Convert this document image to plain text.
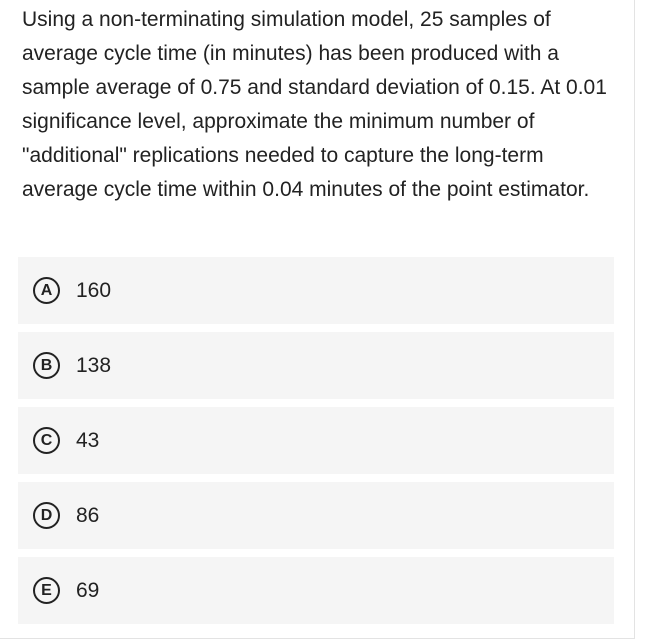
Using a non-terminating simulation model, 25 samples of average cycle time (in minutes) has been produced with a sample average of 0.75 and standard deviation of 0.15. At 0.01 significance level, approximate the minimum number of "additional" replications needed to capture the long-term average cycle time within 0.04 minutes of the point estimator.

A	160
B	138
C	43
D	86
E	69
